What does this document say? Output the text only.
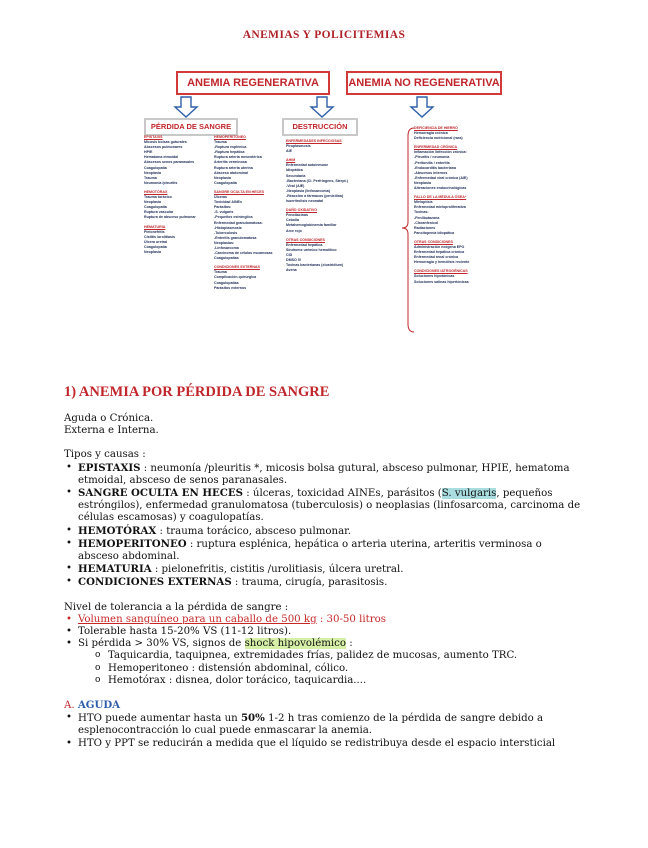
ANEMIAS Y POLICITEMIAS
ANEMIA REGENERATIVA	ANEMIA NO REGENERATIVA
PÉRDIDA DE SANGRE	DESTRUCCIÓN
EPISTAXIS
Micosis bolsas guturales
Abscesos pulmonares
HPIE
Hematoma etmoidal
Abscesos senos paranasales
Coagulopatía
Neoplasia
Trauma
Neumonía /pleuritis
HEMOTÓRAX
Trauma torácico
Neoplasia
Coagulopatía
Ruptura vascular
Ruptura de absceso pulmonar
HEMATURIA
Pielonefritis
Cistitis /urolitiasis
Úlcera uretral
Coagulopatía
Neoplasia
HEMOPERITONEO
Trauma
-Ruptura esplénica
-Ruptura hepática
Ruptura arteria mesentérica
Arteritis verminosa
Ruptura arteria uterina
Absceso abdominal
Neoplasia
Coagulopatía
SANGRE OCULTA EN HECES
Úlceras
Toxicidad AINEs
Parásitos:
-S. vulgaris
-Pequeños estróngilos
Enfermedad granulomatosa:
-Histoplasmosis
-Tuberculosis
-Enteritis granulomatosa
Neoplasias:
-Linfosarcoma
-Carcinoma de células escamosas
Coagulopatías
CONDICIONES EXTERNAS
Trauma
Complicación quirúrgica
Coagulopatías
Parásitos externos
ENFERMEDADES INFECCIOSAS
Piroplasmosis
AIE
AHIM
Enfermedad autoinmune
Idiopática
Secundaria
-Bacteriana (Cl. Perfringens, Strept.)
-Viral (AIE)
-Neoplasia (linfosarcoma)
-Reacción a fármacos (penicilina)
Isoeritrolisis neonatal
DAÑO OXIDATIVO
Fenotiacinas
Cebolla
Metahemoglobinemia familiar
Arce rojo
OTRAS CONDICIONES
Enfermedad hepática
Síndrome urémico hemolítico
CID
DMSO IV
Toxinas bacterianas (clostridium)
Avena
DEFICIENCIA DE HIERRO
Hemorragia crónica
Deficiencia nutricional (rara)
ENFERMEDAD CRÓNICA
Inflamación /infección crónica:
-Pleuritis / neumonía
-Peritonitis / enteritis
-Endocarditis bacteriana
-Abscesos internos
-Enfermedad viral crónica (AIE)
Neoplasia
Alteraciones endocrinológicas
FALLO DE LA MÉDULA ÓSEA*
Mieloptisis
Enfermedad mieloproliferativa
Toxinas:
-Fenilbutazona
-Cloranfenicol
Radiaciones
Pancitopenia idiopática
OTRAS CONDICIONES
Administración exógena EPO
Enfermedad hepática crónica
Enfermedad renal crónica
Hemorragia y hemólisis reciente
CONDICIONES IATROGÉNICAS
Soluciones hipotónicas
Soluciones salinas hipertónicas
1) ANEMIA POR PÉRDIDA DE SANGRE

Aguda o Crónica.

Externa e Interna.

Tipos y causas :

• EPISTAXIS : neumonía /pleuritis *, micosis bolsa gutural, absceso pulmonar, HPIE, hematoma etmoidal, absceso de senos paranasales.
• SANGRE OCULTA EN HECES : úlceras, toxicidad AINEs, parásitos (S. vulgaris, pequeños estróngilos), enfermedad granulomatosa (tuberculosis) o neoplasias (linfosarcoma, carcinoma de células escamosas) y coagulopatías.
• HEMOTÓRAX : trauma torácico, absceso pulmonar.
• HEMOPERITONEO : ruptura esplénica, hepática o arteria uterina, arteritis verminosa o absceso abdominal.
• HEMATURIA : pielonefritis, cistitis /urolitiasis, úlcera uretral.
• CONDICIONES EXTERNAS : trauma, cirugía, parasitosis.

Nivel de tolerancia a la pérdida de sangre :

• Volumen sanguíneo para un caballo de 500 kg : 30-50 litros
• Tolerable hasta 15-20% VS (11-12 litros).
• Si pérdida > 30% VS, signos de shock hipovolémico :
o Taquicardia, taquipnea, extremidades frías, palidez de mucosas, aumento TRC.
o Hemoperitoneo : distensión abdominal, cólico.
o Hemotórax : disnea, dolor torácico, taquicardia....

A. AGUDA

• HTO puede aumentar hasta un 50% 1-2 h tras comienzo de la pérdida de sangre debido a esplenocontracción lo cual puede enmascarar la anemia.
• HTO y PPT se reducirán a medida que el líquido se redistribuya desde el espacio intersticial
